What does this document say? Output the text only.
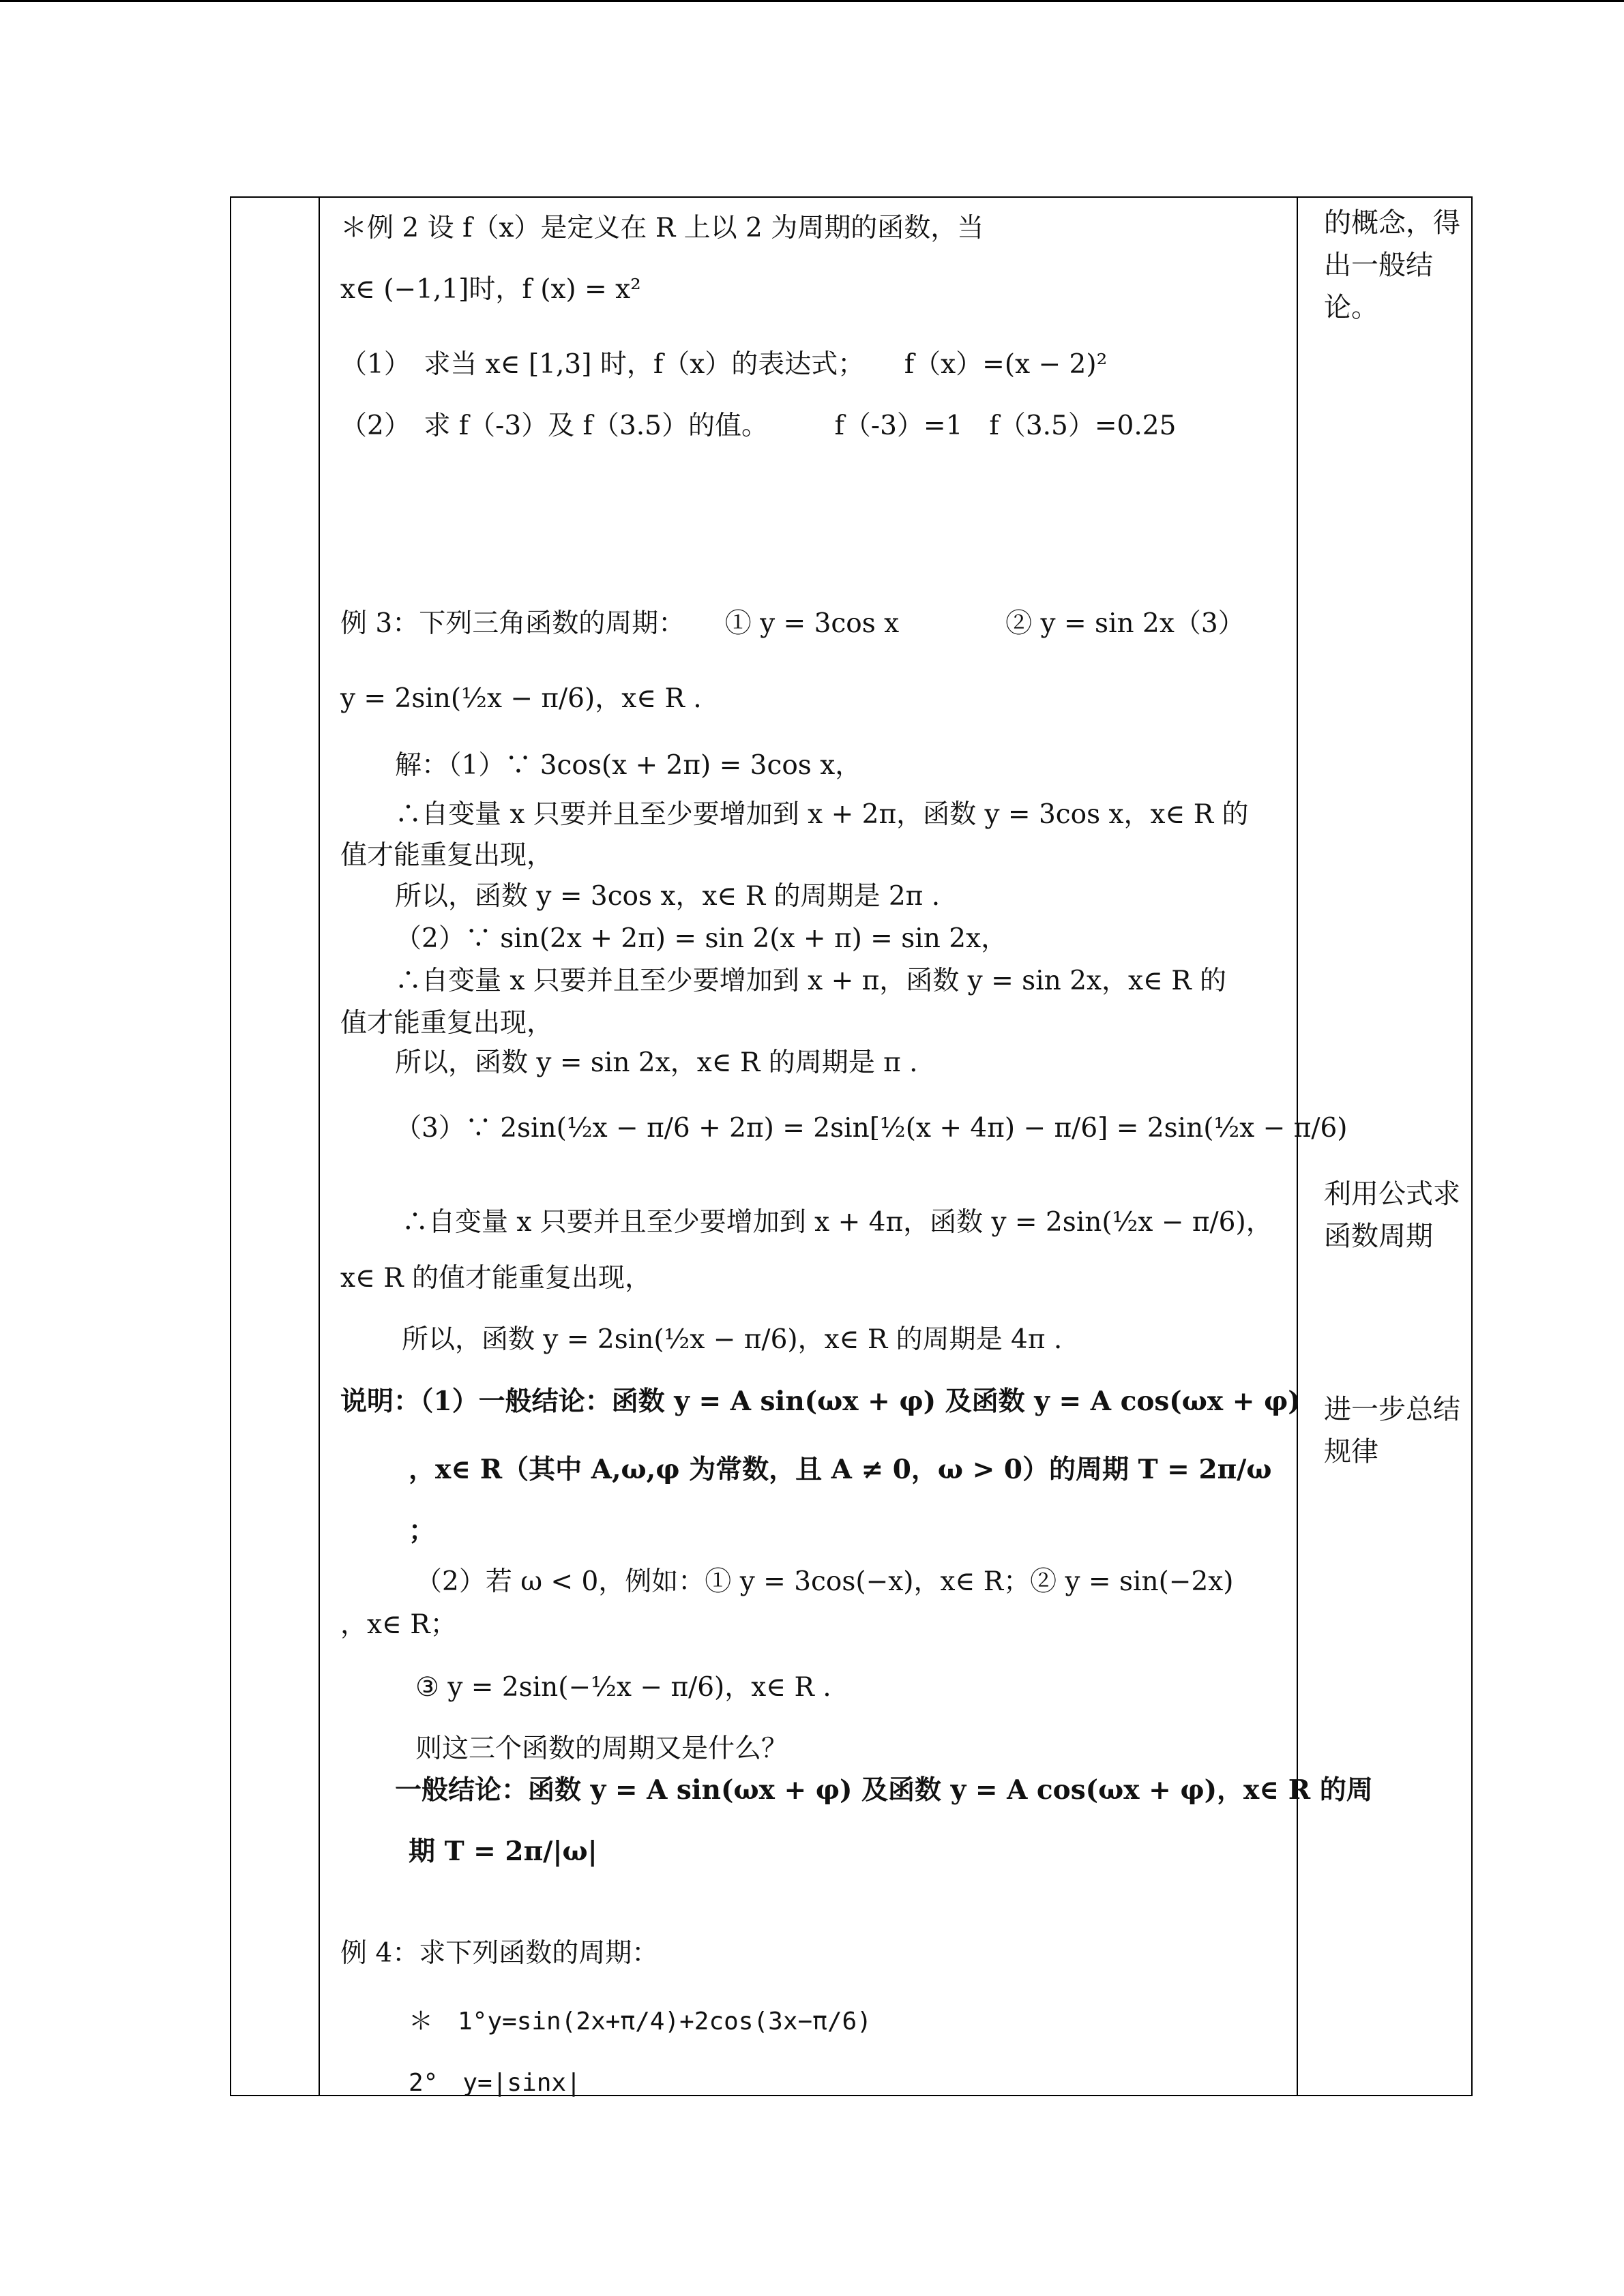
＊例 2 设 f（x）是定义在 R 上以 2 为周期的函数，当
x∈ (−1,1]时，f (x) = x²
（1）　求当 x∈ [1,3] 时，f（x）的表达式；　　f（x）=(x − 2)²
（2）　求 f（-3）及 f（3.5）的值。　　　f（-3）=1　f（3.5）=0.25
例 3：下列三角函数的周期：　　① y = 3cos x　　　　② y = sin 2x（3）
y = 2sin(½x − π/6)，x∈ R .
解：（1）∵ 3cos(x + 2π) = 3cos x，
∴自变量 x 只要并且至少要增加到 x + 2π，函数 y = 3cos x，x∈ R 的
值才能重复出现，
所以，函数 y = 3cos x，x∈ R 的周期是 2π .
（2）∵ sin(2x + 2π) = sin 2(x + π) = sin 2x，
∴自变量 x 只要并且至少要增加到 x + π，函数 y = sin 2x，x∈ R 的
值才能重复出现，
所以，函数 y = sin 2x，x∈ R 的周期是 π .
（3）∵ 2sin(½x − π/6 + 2π) = 2sin[½(x + 4π) − π/6] = 2sin(½x − π/6)
∴自变量 x 只要并且至少要增加到 x + 4π，函数 y = 2sin(½x − π/6)，
x∈ R 的值才能重复出现，
所以，函数 y = 2sin(½x − π/6)，x∈ R 的周期是 4π .
说明：（1）一般结论：函数 y = A sin(ωx + φ) 及函数 y = A cos(ωx + φ)
，x∈ R（其中 A,ω,φ 为常数，且 A ≠ 0，ω > 0）的周期 T = 2π/ω
；
（2）若 ω < 0，例如：① y = 3cos(−x)，x∈ R；② y = sin(−2x)
，x∈ R；
③ y = 2sin(−½x − π/6)，x∈ R .
则这三个函数的周期又是什么？
一般结论：函数 y = A sin(ωx + φ) 及函数 y = A cos(ωx + φ)，x∈ R 的周
期 T = 2π/|ω|
例 4：求下列函数的周期：
＊　1°y=sin(2x+π/4)+2cos(3x−π/6)
2°　y=|sinx|
的概念，得出一般结论。
利用公式求函数周期
进一步总结规律
